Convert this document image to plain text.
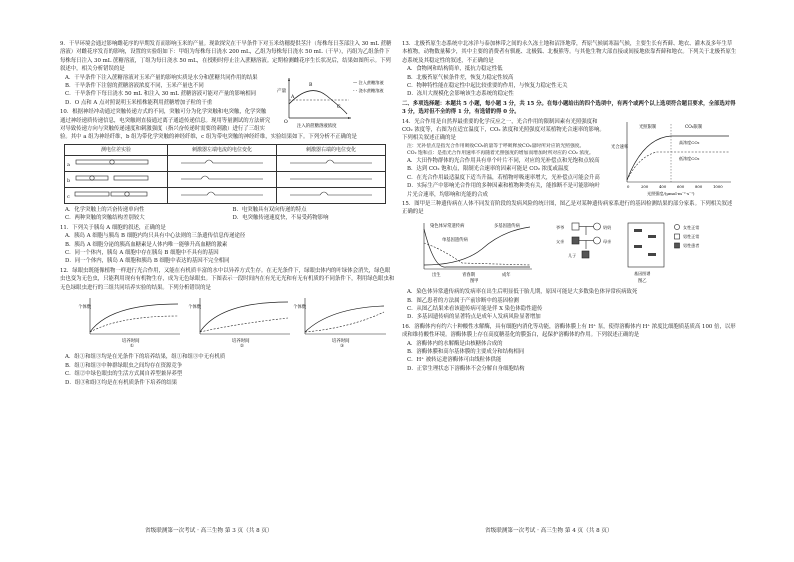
9．干旱环境会通过影响雌花序的早期发育而影响玉米的产量。现欲探究在干旱条件下对玉米幼穗提供茎汁（每株每日茎部注入 30 mL 蔗糖溶液）对雌花序发育的影响，设置的实验组如下：甲组为每株每日浇水 200 mL，乙组为每株每日浇水 50 mL（干旱），丙组为乙组条件下每株每日注入 30 mL 蔗糖溶液，丁组为每日浇水 50 mL，在授粉时停止注入蔗糖溶液。定期检测雌花序生长状况后，结果如图所示。下列叙述中，相关分析错误的是
产量
O
A
B
C
注入的蔗糖溶液浓度
— 注入蔗糖溶液
- - 浇水蔗糖溶液
A．干旱条件下注入蔗糖溶液对玉米产量的影响实质是水分和蔗糖共同作用的结果
B．干旱条件下注射的蔗糖溶液浓度不同，玉米产量也不同
C．干旱条件下每日浇水 50 mL 和注入 30 mL 蔗糖溶液可能对产量的影响相同
D．O 点和 A 点对照说明玉米植株能利用蔗糖增加子粒的干重
10．根据神经冲动通过突触传递方式的不同，突触可分为化学突触和电突触，化学突触通过神经递质传递信息，电突触则直接通过离子通道传递信息。现用等量测试的方法研究对导致传递方向与突触传递速度和刺激强度（指兴奋传递时需要的刺激）进行了三组实验。其中 a 组为神经纤维，b 组为带化学突触的神经纤维，c 组为带电突触的神经纤维，实验结果如下。下列分析不正确的是
测电位差实验	刺激器左端电流的电位变化	刺激器右端的电位变化
a		
b		
c		
A．化学突触上的兴奋传递单向性	B．电突触具有双向传递的特点
C．两种突触的突触结构差别较大	D．电突触传递速度快，不易受药物影响
11．下列关于胰岛 A 细胞的叙述，正确的是
A．胰岛 A 细胞与胰岛 B 细胞内均只具有中心法则的三条遗传信息传递途径
B．胰岛 A 细胞分泌的胰高血糖素是人体内唯一能够升高血糖的激素
C．同一个体内，胰岛 A 细胞中存在胰岛 B 细胞中不具有的基因
D．同一个体内，胰岛 A 细胞和胰岛 B 细胞中表达的基因不完全相同
12．绿眼虫既能像植物一样进行光合作用，又能在有机质丰富的水中以异养方式生存。在无光条件下，绿眼虫体内的叶绿体会消失，绿色眼虫也变为无色虫，只能利用现有有机物生存，成为无色绿眼虫。下图表示一段时间内在有光无光和有无有机质的不同条件下，利用绿色眼虫和无色绿眼虫进行的三组共同培养实验的结果。下列分析错误的是
个体数
培养时间
①
个体数
培养时间
②
个体数
培养时间
③
A．组①和组③均是在光条件下的培养结果，组①和组③中无有机质
B．组①和组③中种群绿眼虫之间均存在资源竞争
C．组②中绿色眼虫的生活方式属自养型兼异养型
D．组③和组③均是在有机质条件下培养的结果
13．北极苔原生态系统中北冰洋与泰加林带之间的永久冻土地和沼泽地带，苔原气候属寒温气候，主要生长有苔藓、地衣、灌木及多年生草本植物，动物数量稀少，其中主要的消费者有驯鹿、北极狐、北极熊等。与其他生物大部直接或间接地依靠苔藓和地衣。下列关于北极苔原生态系统及其稳定性的叙述，不正确的是
A．食物网和结构简单，抵抗力稳定性低
B．北极苔原气候条件差，恢复力稳定性较高
C．物种特性能在稳定性中起比较重要的作用，与恢复力稳定性无关
D．冻川大规模化会影响该生态系统的稳定性
二、多项选择题：本题共 5 小题，每小题 3 分，共 15 分。在每小题给出的四个选项中，有两个或两个以上选项符合题目要求，全部选对得 3 分，选对但不全的得 1 分，有选错的得 0 分。
光照限制	CO₂限制
高浓度CO₂
低浓度CO₂
光合速率
0	200	400	600	800	1000
光照强度/(μmol·m⁻²·s⁻¹)
14．光合作用是自然界最重要的化学反应之一，光合作用的限制因素有光照强度和 CO₂ 浓度等，右图为在适宜温度下，CO₂ 浓度和光照强度对某植物光合速率的影响。下列相关叙述正确的是
注：光补偿点是指光合作用吸收CO₂的量等于呼吸释放CO₂量时所对应的光照强度。
CO₂ 饱和点：是指光合作用速率不再随着光照强度的增加而增加时所对应的 CO₂ 浓度。
A．大田作物群体的光合作用具有单个叶片不同，对应的光补偿点和光饱和点较高
B．达到 CO₂ 饱和点，限制光合速率的因素可能是 CO₂ 浓度或温度
C．在光合作用最适温度下适当升温，若植物呼吸速率增大，光补偿点可能会升高
D．实际生产中影响光合作用的多种因素和植物种类有关，能推断不是可能影响叶片光合速率，均影响和光能的合成
15．图甲是三种遗传病在人体不同发育阶段的发病风险的统计图，图乙是对某种遗传病家系进行的基因检测结果的部分家系。下列相关叙述正确的是
染色体异常遗传病	多基因遗传病
单基因遗传病
出生	青春期	成年
图甲
爷爷	奶奶
父亲	母亲
儿子
基因图谱
女性正常
男性正常
男性患者
图乙
A．染色体异常遗传病的发病率在出生后明显低于胎儿期，原因可能是大多数染色体异常疾病致死
B．图乙患者的方法属于产前诊断中的基因检测
C．从图乙结果来看该遗传病可能是伴 X 染色体隐性遗传
D．多基因遗传病的显著特点是成年人发病风险显著增加
16．溶酶体内有约六十种酸性水解酶，具有细胞内消化等功能，溶酶体膜上有 H⁺ 泵，使得溶酶体内 H⁺ 浓度比细胞质基质高 100 倍，以形成和维持酸性环境。溶酶体膜上存在高度糖基化的膜蛋白，起保护溶酶体的作用。下列叙述正确的是
A．溶酶体内的水解酶是由核糖体合成的
B．溶酶体膜和高尔基体膜的主要成分和结构相同
C．H⁺ 被转运进溶酶体可由线粒体供能
D．正常生理状态下溶酶体不会分解自身细胞结构
省级联测第一次考试 · 高三生物 第 3 页（共 8 页）	省级联测第一次考试 · 高三生物 第 4 页（共 8 页）
